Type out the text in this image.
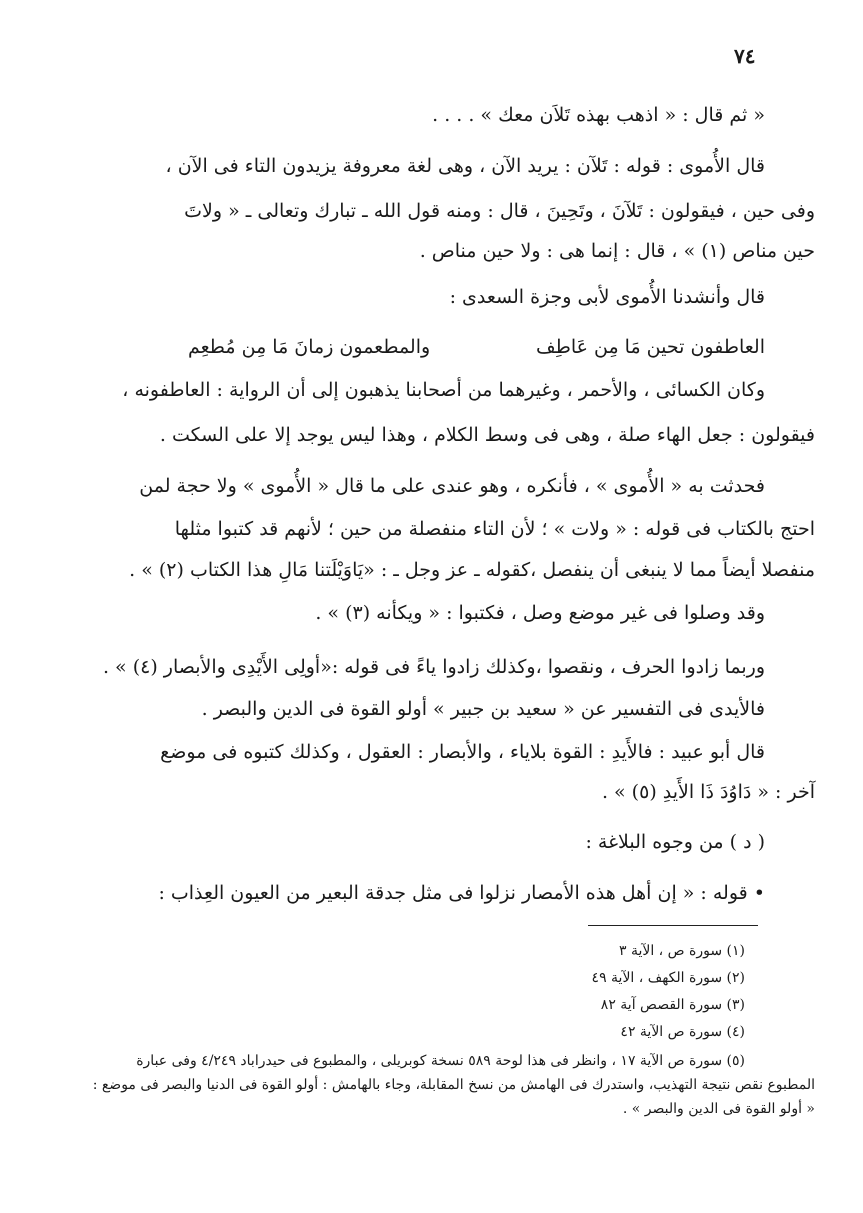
٧٤
« ثم قال : « اذهب بهذه تَلاَن معك » . . . .
قال الأُموى : قوله : تَلآن : يريد الآن ، وهى لغة معروفة يزيدون التاء فى الآن ،
وفى حين ، فيقولون : تَلآنَ ، وتَحِينَ ، قال : ومنه قول الله ـ تبارك وتعالى ـ « ولاتَ
حين مناص (١) » ، قال : إنما هى : ولا حين مناص .
قال وأنشدنا الأُموى لأبى وجزة السعدى :
العاطفون تحين مَا مِن عَاطِف
والمطعمون زمانَ مَا مِن مُطعِم
وكان الكسائى ، والأحمر ، وغيرهما من أصحابنا يذهبون إلى أن الرواية : العاطفونه ،
فيقولون : جعل الهاء صلة ، وهى فى وسط الكلام ، وهذا ليس يوجد إلا على السكت .
فحدثت به « الأُموى » ، فأنكره ، وهو عندى على ما قال « الأُموى » ولا حجة لمن
احتج بالكتاب فى قوله : « ولات » ؛ لأن التاء منفصلة من حين ؛ لأنهم قد كتبوا مثلها
منفصلا أيضاً مما لا ينبغى أن ينفصل ،كقوله ـ عز وجل ـ : «يَاوَيْلَتنا مَالِ هذا الكتاب (٢) » .
وقد وصلوا فى غير موضع وصل ، فكتبوا : « ويكأنه (٣) » .
وربما زادوا الحرف ، ونقصوا ،وكذلك زادوا ياءً فى قوله :«أولِى الأَيْدِى والأبصار (٤) » .
فالأيدى فى التفسير عن « سعيد بن جبير » أولو القوة فى الدين والبصر .
قال أبو عبيد : فالأَيدِ : القوة بلاياء ، والأبصار : العقول ، وكذلك كتبوه فى موضع
آخر : « دَاوُدَ ذَا الأَيدِ (٥) » .
( د ) من وجوه البلاغة :
• قوله : « إن أهل هذه الأمصار نزلوا فى مثل جدقة البعير من العيون العِذاب :
(١) سورة ص ، الآية ٣
(٢) سورة الكهف ، الآية ٤٩
(٣) سورة القصص آية ٨٢
(٤) سورة ص الآية ٤٢
(٥) سورة ص الآية ١٧ ، وانظر فى هذا لوحة ٥٨٩ نسخة كوبريلى ، والمطبوع فى حيدراباد ٤/٢٤٩ وفى عبارة
المطبوع نقص نتيجة التهذيب، واستدرك فى الهامش من نسخ المقابلة، وجاء بالهامش : أولو القوة فى الدنيا والبصر فى موضع :
« أولو القوة فى الدين والبصر » .
